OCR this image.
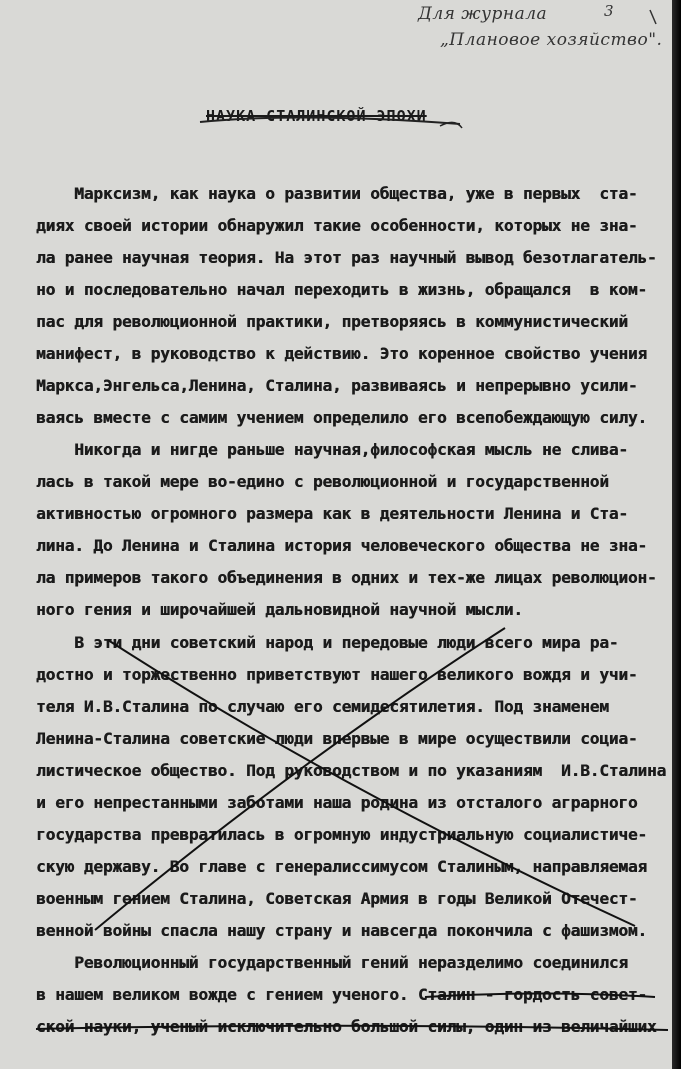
Для журнала
„Плановое хозяйство".
3
НАУКА СТАЛИНСКОЙ ЭПОХИ
Марксизм, как наука о развитии общества, уже в первых  ста-
диях своей истории обнаружил такие особенности, которых не зна-
ла ранее научная теория. На этот раз научный вывод безотлагатель-
но и последовательно начал переходить в жизнь, обращался  в ком-
пас для революционной практики, претворяясь в коммунистический
манифест, в руководство к действию. Это коренное свойство учения
Маркса,Энгельса,Ленина, Сталина, развиваясь и непрерывно усили-
ваясь вместе с самим учением определило его всепобеждающую силу.
Никогда и нигде раньше научная,философская мысль не слива-
лась в такой мере во-едино с революционной и государственной
активностью огромного размера как в деятельности Ленина и Ста-
лина. До Ленина и Сталина история человеческого общества не зна-
ла примеров такого объединения в одних и тех-же лицах революцион-
ного гения и широчайшей дальновидной научной мысли.
В эти дни советский народ и передовые люди всего мира ра-
достно и торжественно приветствуют нашего великого вождя и учи-
теля И.В.Сталина по случаю его семидесятилетия. Под знаменем
Ленина-Сталина советские люди впервые в мире осуществили социа-
листическое общество. Под руководством и по указаниям  И.В.Сталина
и его непрестанными заботами наша родина из отсталого аграрного
государства превратилась в огромную индустриальную социалистиче-
скую державу. Во главе с генералиссимусом Сталиным, направляемая
военным гением Сталина, Советская Армия в годы Великой Отечест-
венной войны спасла нашу страну и навсегда покончила с фашизмом.
Революционный государственный гений неразделимо соединился
в нашем великом вожде с гением ученого. Сталин - гордость совет-
ской науки, ученый исключительно большой силы, один из величайших
